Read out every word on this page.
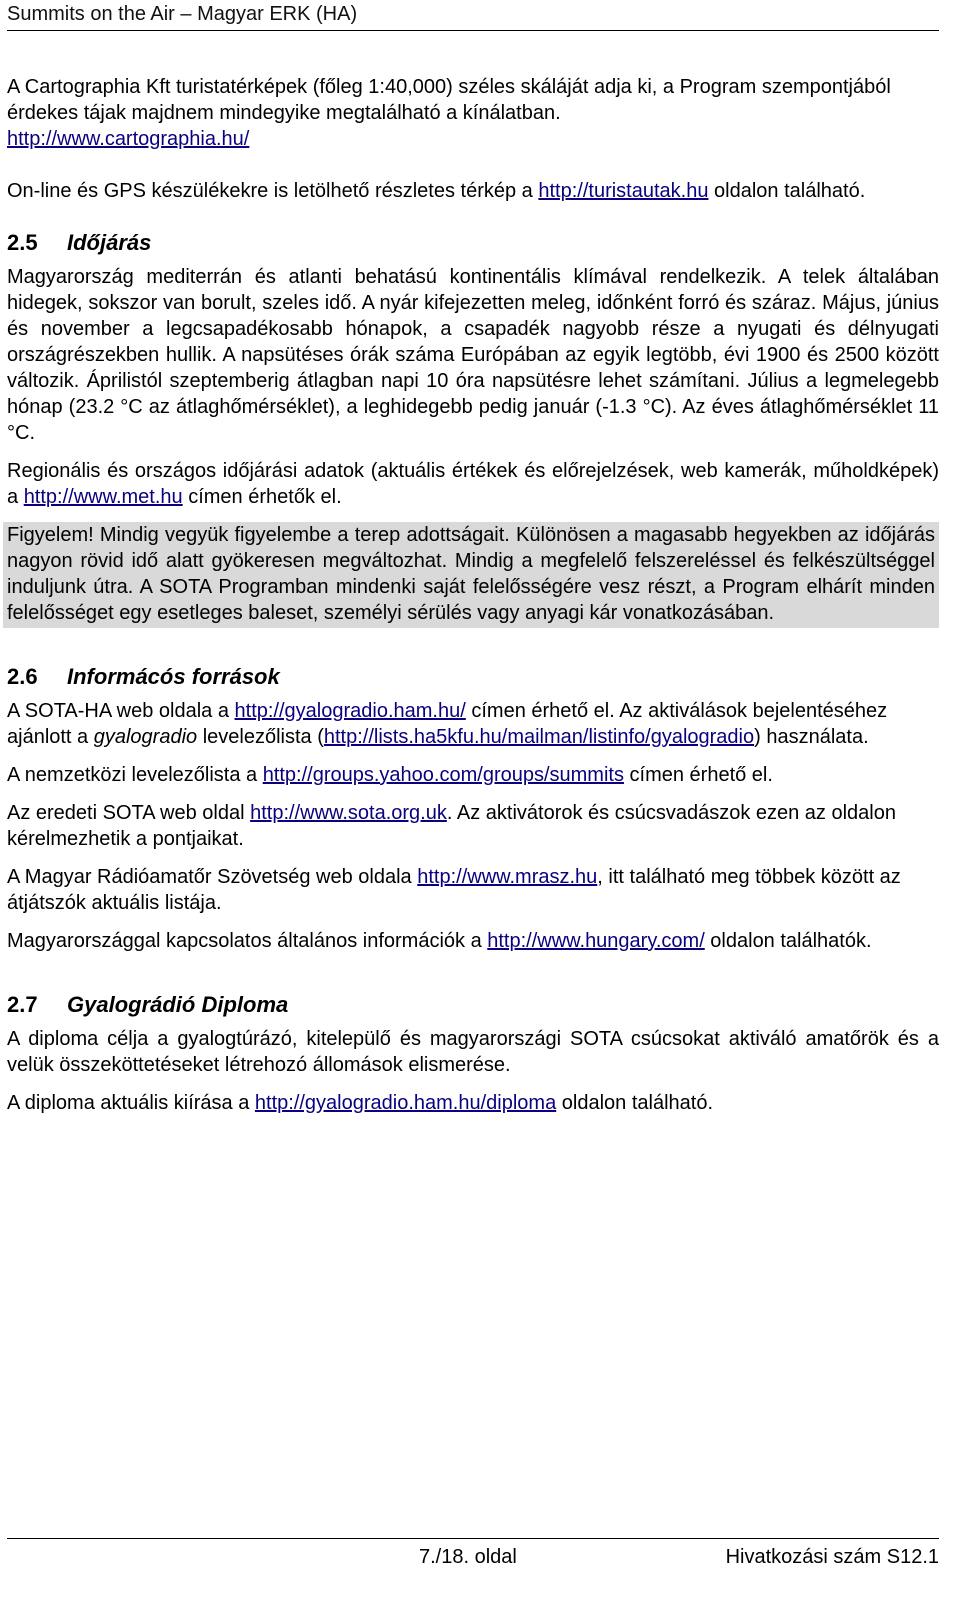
Summits on the Air – Magyar ERK (HA)

A Cartographia Kft turistatérképek (főleg 1:40,000) széles skáláját adja ki, a Program szempontjából érdekes tájak majdnem mindegyike megtalálható a kínálatban.
http://www.cartographia.hu/

On-line és GPS készülékekre is letölhető részletes térkép a http://turistautak.hu oldalon található.

2.5 Időjárás

Magyarország mediterrán és atlanti behatású kontinentális klímával rendelkezik. A telek általában hidegek, sokszor van borult, szeles idő. A nyár kifejezetten meleg, időnként forró és száraz. Május, június és november a legcsapadékosabb hónapok, a csapadék nagyobb része a nyugati és délnyugati országrészekben hullik. A napsütéses órák száma Európában az egyik legtöbb, évi 1900 és 2500 között változik. Áprilistól szeptemberig átlagban napi 10 óra napsütésre lehet számítani. Július a legmelegebb hónap (23.2 °C az átlaghőmérséklet), a leghidegebb pedig január (-1.3 °C). Az éves átlaghőmérséklet 11 °C.

Regionális és országos időjárási adatok (aktuális értékek és előrejelzések, web kamerák, műholdképek) a http://www.met.hu címen érhetők el.

Figyelem! Mindig vegyük figyelembe a terep adottságait. Különösen a magasabb hegyekben az időjárás nagyon rövid idő alatt gyökeresen megváltozhat. Mindig a megfelelő felszereléssel és felkészültséggel induljunk útra. A SOTA Programban mindenki saját felelősségére vesz részt, a Program elhárít minden felelősséget egy esetleges baleset, személyi sérülés vagy anyagi kár vonatkozásában.

2.6 Informácós források

A SOTA-HA web oldala a http://gyalogradio.ham.hu/ címen érhető el. Az aktiválások bejelentéséhez ajánlott a gyalogradio levelezőlista (http://lists.ha5kfu.hu/mailman/listinfo/gyalogradio) használata.

A nemzetközi levelezőlista a http://groups.yahoo.com/groups/summits címen érhető el.

Az eredeti SOTA web oldal http://www.sota.org.uk. Az aktivátorok és csúcsvadászok ezen az oldalon kérelmezhetik a pontjaikat.

A Magyar Rádióamatőr Szövetség web oldala http://www.mrasz.hu, itt található meg többek között az átjátszók aktuális listája.

Magyarországgal kapcsolatos általános információk a http://www.hungary.com/ oldalon találhatók.

2.7 Gyalográdió Diploma

A diploma célja a gyalogtúrázó, kitelepülő és magyarországi SOTA csúcsokat aktiváló amatőrök és a velük összeköttetéseket létrehozó állomások elismerése.

A diploma aktuális kiírása a http://gyalogradio.ham.hu/diploma oldalon található.

7./18. oldal	Hivatkozási szám S12.1
